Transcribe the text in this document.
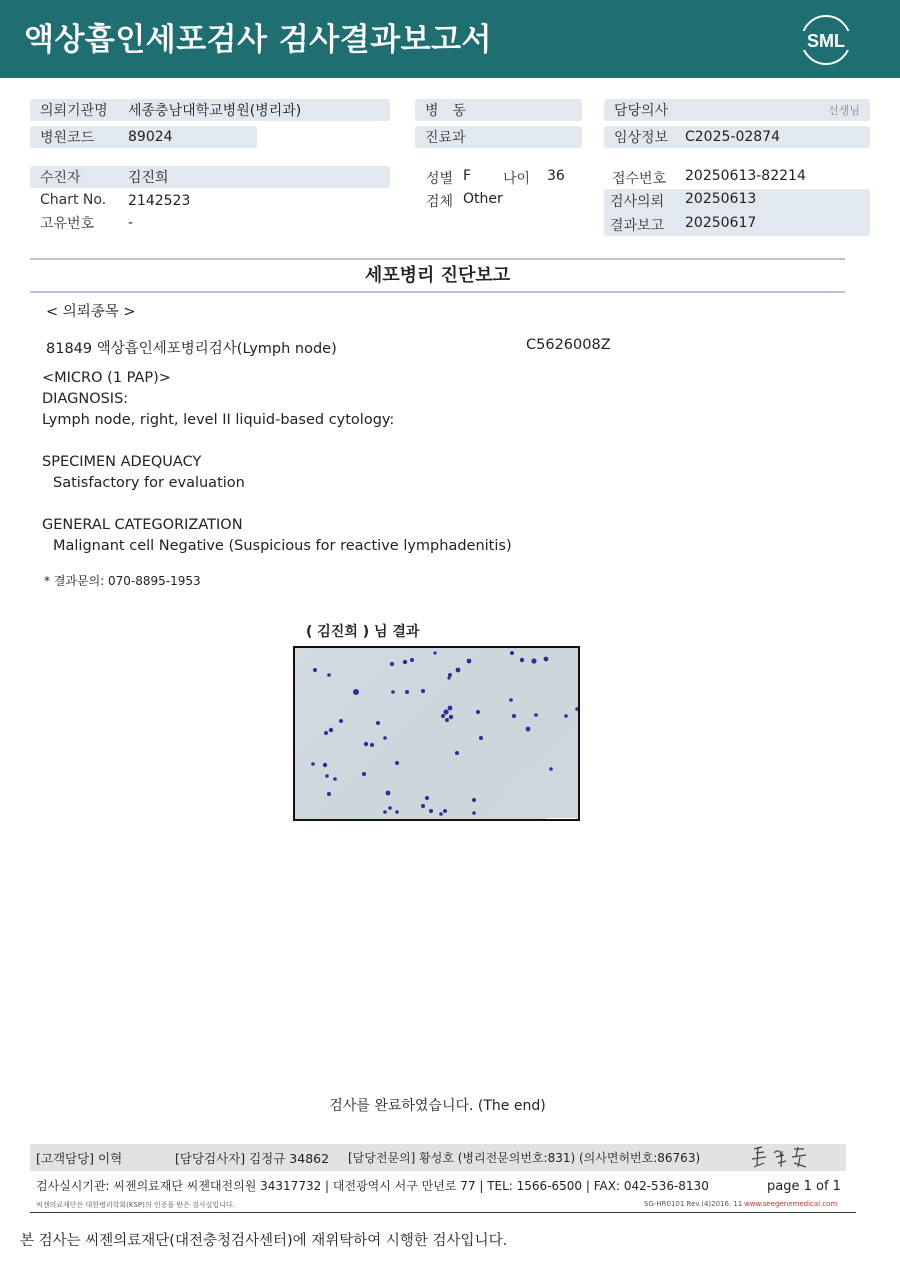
액상흡인세포검사 검사결과보고서	SML
의뢰기관명 세종충남대학교병원(병리과)
병원코드 89024
수진자	김진희
Chart No. 2142523
고유번호 -
병　동
진료과
성별 F 나이 36
검체 Other
담당의사	선생님
임상정보 C2025-02874
접수번호 20250613-82214
검사의뢰 20250613
결과보고 20250617
세포병리 진단보고
< 의뢰종목 >
81849 액상흡인세포병리검사(Lymph node)	C5626008Z
<MICRO (1 PAP)>
DIAGNOSIS:
Lymph node, right, level II liquid-based cytology:
SPECIMEN ADEQUACY
Satisfactory for evaluation
GENERAL CATEGORIZATION
Malignant cell Negative (Suspicious for reactive lymphadenitis)
* 결과문의: 070-8895-1953
( 김진희 ) 님 결과
검사를 완료하였습니다. (The end)
[고객담당] 이혁	[담당검사자] 김정규 34862 [담당전문의] 황성호 (병리전문의번호:831) (의사면허번호:86763)
검사실시기관: 씨젠의료재단 씨젠대전의원 34317732 | 대전광역시 서구 만년로 77 | TEL: 1566-6500 | FAX: 042-536-8130	page 1 of 1
씨젠의료재단은 대한병리학회(KSP)의 인증을 받은 검사실입니다.	SG-HR0101 Rev.(4)2016. 11 www.seegenemedical.com
본 검사는 씨젠의료재단(대전충청검사센터)에 재위탁하여 시행한 검사입니다.
